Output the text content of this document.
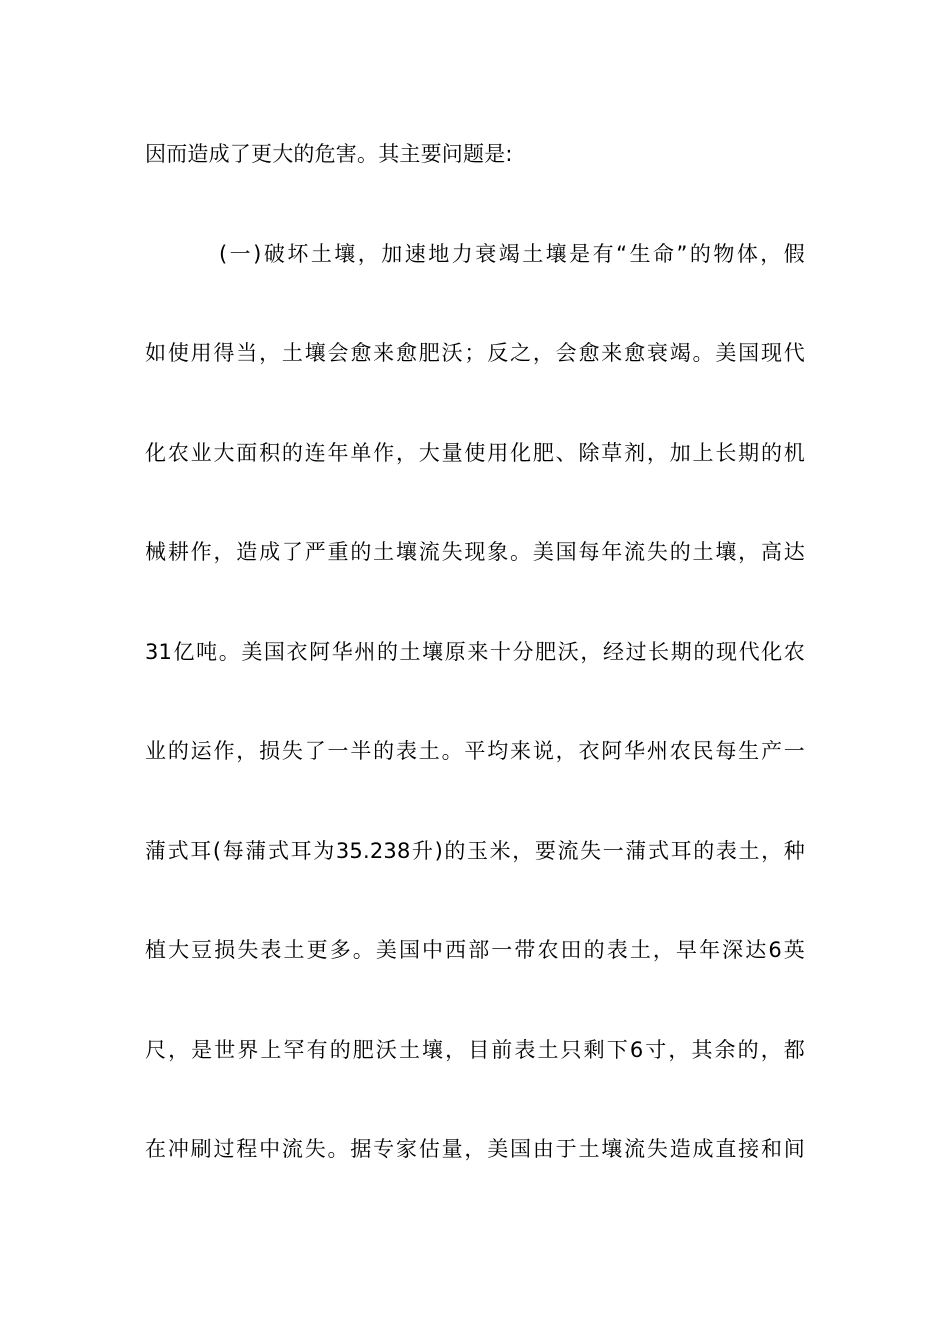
因而造成了更大的危害。其主要问题是:
(一)破坏土壤，加速地力衰竭土壤是有“生命”的物体，假
如使用得当，土壤会愈来愈肥沃；反之，会愈来愈衰竭。美国现代
化农业大面积的连年单作，大量使用化肥、除草剂，加上长期的机
械耕作，造成了严重的土壤流失现象。美国每年流失的土壤，高达
31亿吨。美国衣阿华州的土壤原来十分肥沃，经过长期的现代化农
业的运作，损失了一半的表土。平均来说，衣阿华州农民每生产一
蒲式耳(每蒲式耳为35.238升)的玉米，要流失一蒲式耳的表土，种
植大豆损失表土更多。美国中西部一带农田的表土，早年深达6英
尺，是世界上罕有的肥沃土壤，目前表土只剩下6寸，其余的，都
在冲刷过程中流失。据专家估量，美国由于土壤流失造成直接和间
